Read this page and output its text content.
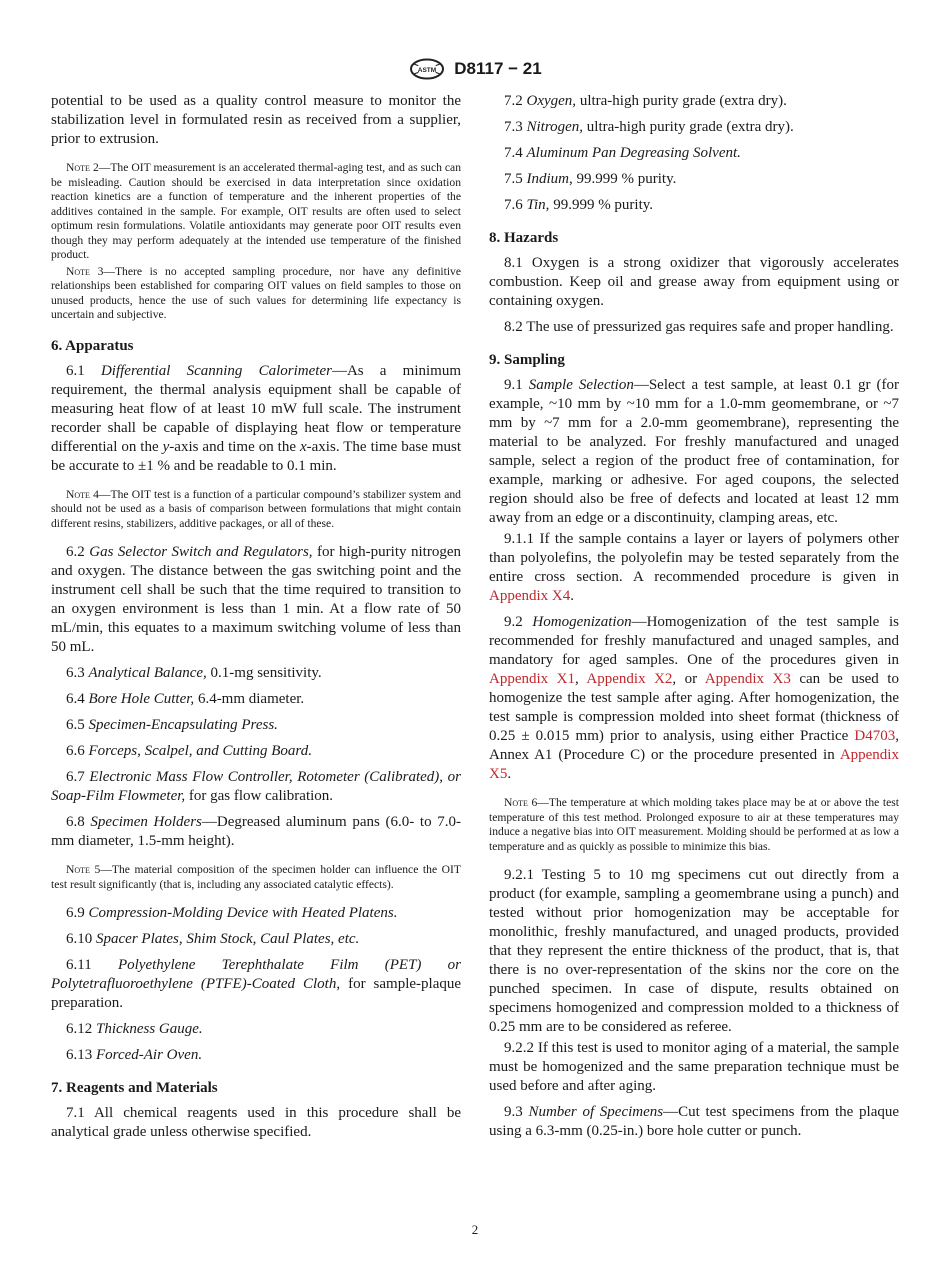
ASTM D8117 − 21

potential to be used as a quality control measure to monitor the stabilization level in formulated resin as received from a supplier, prior to extrusion.

Note 2—The OIT measurement is an accelerated thermal-aging test, and as such can be misleading. Caution should be exercised in data interpretation since oxidation reaction kinetics are a function of temperature and the inherent properties of the additives contained in the sample. For example, OIT results are often used to select optimum resin formulations. Volatile antioxidants may generate poor OIT results even though they may perform adequately at the intended use temperature of the finished product.

Note 3—There is no accepted sampling procedure, nor have any definitive relationships been established for comparing OIT values on field samples to those on unused products, hence the use of such values for determining life expectancy is uncertain and subjective.

6. Apparatus

6.1 Differential Scanning Calorimeter—As a minimum requirement, the thermal analysis equipment shall be capable of measuring heat flow of at least 10 mW full scale. The instrument recorder shall be capable of displaying heat flow or temperature differential on the y-axis and time on the x-axis. The time base must be accurate to ±1 % and be readable to 0.1 min.

Note 4—The OIT test is a function of a particular compound’s stabilizer system and should not be used as a basis of comparison between formulations that might contain different resins, stabilizers, additive packages, or all of these.

6.2 Gas Selector Switch and Regulators, for high-purity nitrogen and oxygen. The distance between the gas switching point and the instrument cell shall be such that the time required to transition to an oxygen environment is less than 1 min. At a flow rate of 50 mL/min, this equates to a maximum switching volume of less than 50 mL.

6.3 Analytical Balance, 0.1-mg sensitivity.

6.4 Bore Hole Cutter, 6.4-mm diameter.

6.5 Specimen-Encapsulating Press.

6.6 Forceps, Scalpel, and Cutting Board.

6.7 Electronic Mass Flow Controller, Rotometer (Calibrated), or Soap-Film Flowmeter, for gas flow calibration.

6.8 Specimen Holders—Degreased aluminum pans (6.0- to 7.0-mm diameter, 1.5-mm height).

Note 5—The material composition of the specimen holder can influence the OIT test result significantly (that is, including any associated catalytic effects).

6.9 Compression-Molding Device with Heated Platens.

6.10 Spacer Plates, Shim Stock, Caul Plates, etc.

6.11 Polyethylene Terephthalate Film (PET) or Polytetrafluoroethylene (PTFE)-Coated Cloth, for sample-plaque preparation.

6.12 Thickness Gauge.

6.13 Forced-Air Oven.

7. Reagents and Materials

7.1 All chemical reagents used in this procedure shall be analytical grade unless otherwise specified.

7.2 Oxygen, ultra-high purity grade (extra dry).

7.3 Nitrogen, ultra-high purity grade (extra dry).

7.4 Aluminum Pan Degreasing Solvent.

7.5 Indium, 99.999 % purity.

7.6 Tin, 99.999 % purity.

8. Hazards

8.1 Oxygen is a strong oxidizer that vigorously accelerates combustion. Keep oil and grease away from equipment using or containing oxygen.

8.2 The use of pressurized gas requires safe and proper handling.

9. Sampling

9.1 Sample Selection—Select a test sample, at least 0.1 gr (for example, ~10 mm by ~10 mm for a 1.0-mm geomembrane, or ~7 mm by ~7 mm for a 2.0-mm geomembrane), representing the material to be analyzed. For freshly manufactured and unaged sample, select a region of the product free of contamination, for example, marking or adhesive. For aged coupons, the selected region should also be free of defects and located at least 12 mm away from an edge or a discontinuity, clamping areas, etc.

9.1.1 If the sample contains a layer or layers of polymers other than polyolefins, the polyolefin may be tested separately from the entire cross section. A recommended procedure is given in Appendix X4.

9.2 Homogenization—Homogenization of the test sample is recommended for freshly manufactured and unaged samples, and mandatory for aged samples. One of the procedures given in Appendix X1, Appendix X2, or Appendix X3 can be used to homogenize the test sample after aging. After homogenization, the test sample is compression molded into sheet format (thickness of 0.25 ± 0.015 mm) prior to analysis, using either Practice D4703, Annex A1 (Procedure C) or the procedure presented in Appendix X5.

Note 6—The temperature at which molding takes place may be at or above the test temperature of this test method. Prolonged exposure to air at these temperatures may induce a negative bias into OIT measurement. Molding should be performed at as low a temperature and as quickly as possible to minimize this bias.

9.2.1 Testing 5 to 10 mg specimens cut out directly from a product (for example, sampling a geomembrane using a punch) and tested without prior homogenization may be acceptable for monolithic, freshly manufactured, and unaged products, provided that they represent the entire thickness of the product, that is, that there is no over-representation of the skins nor the core on the punched specimen. In case of dispute, results obtained on specimens homogenized and compression molded to a thickness of 0.25 mm are to be considered as referee.

9.2.2 If this test is used to monitor aging of a material, the sample must be homogenized and the same preparation technique must be used before and after aging.

9.3 Number of Specimens—Cut test specimens from the plaque using a 6.3-mm (0.25-in.) bore hole cutter or punch.

2
